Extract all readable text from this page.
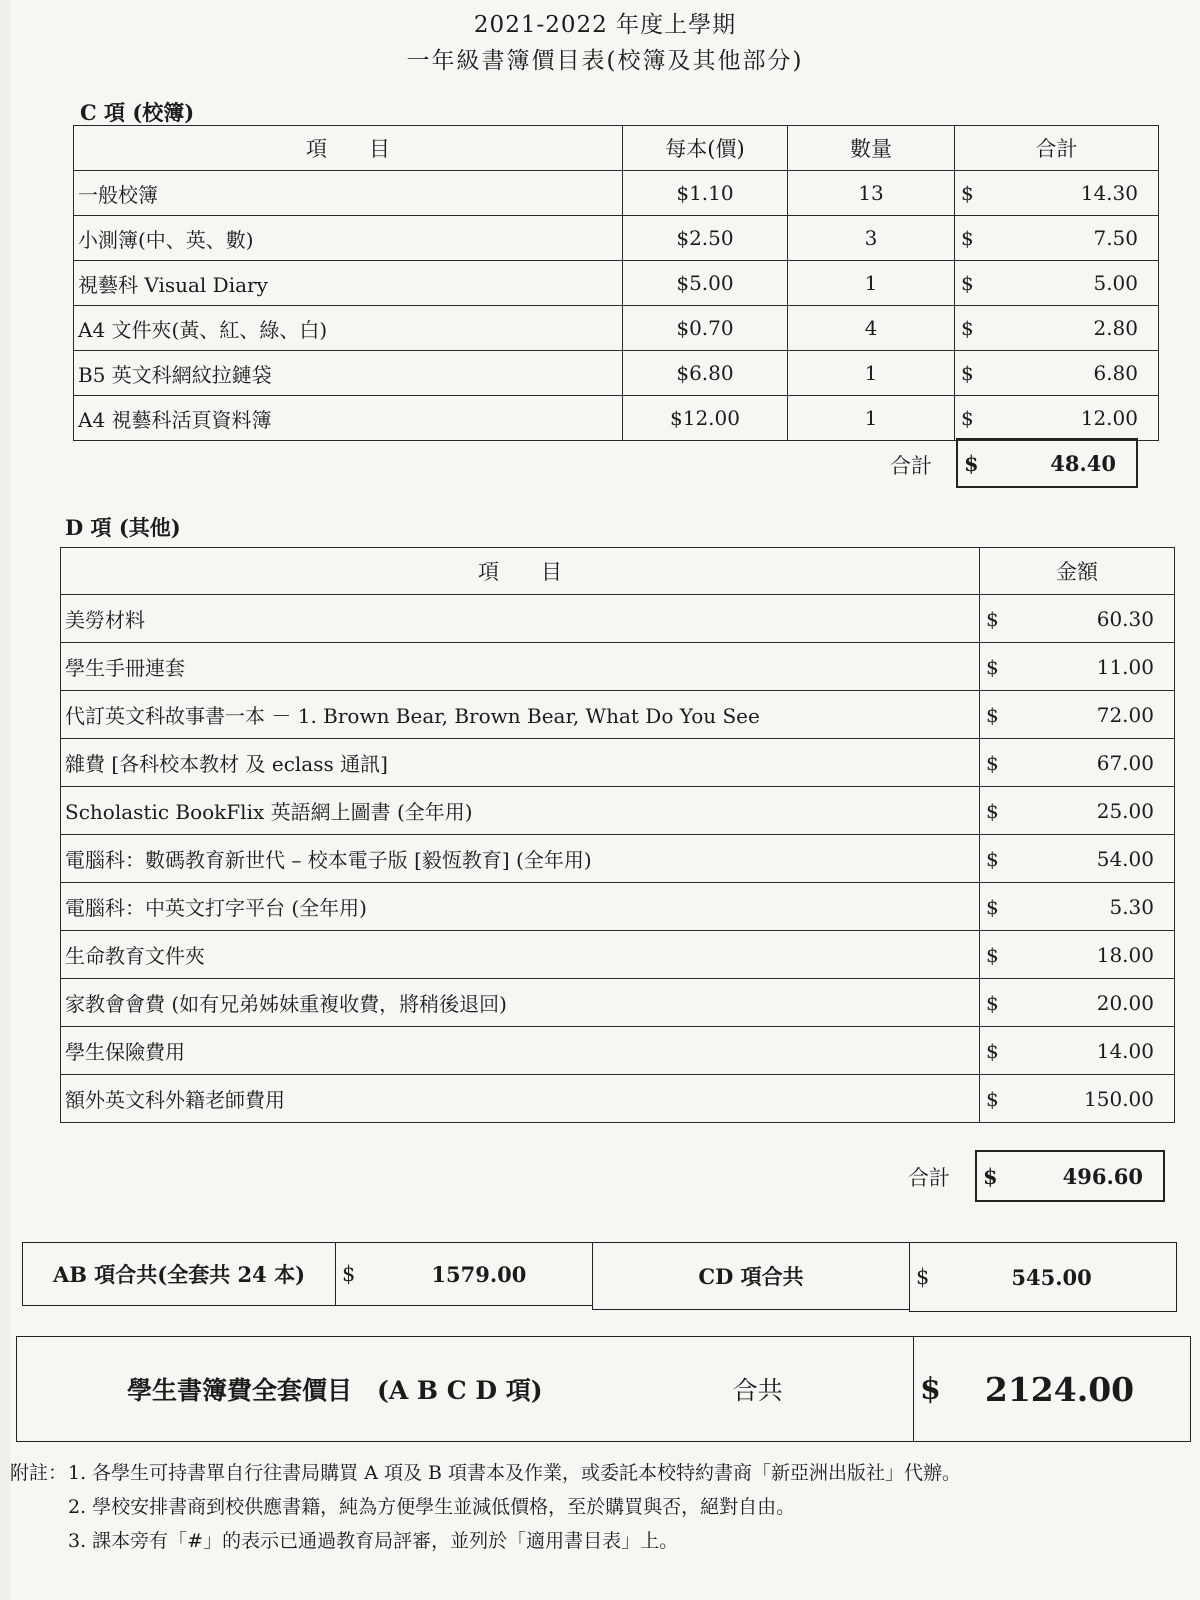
2021-2022 年度上學期
一年級書簿價目表(校簿及其他部分)
C 項 (校簿)
項　　目	每本(價)	數量	合計
一般校簿	$1.10	13	$ 14.30

小測簿(中、英、數)	$2.50	3	$ 7.50

視藝科 Visual Diary	$5.00	1	$ 5.00

A4 文件夾(黃、紅、綠、白)	$0.70	4	$ 2.80

B5 英文科網紋拉鏈袋	$6.80	1	$ 6.80

A4 視藝科活頁資料簿	$12.00	1	$ 12.00
合計 $	48.40
D 項 (其他)
項　　目	金額
美勞材料	$ 60.30

學生手冊連套	$ 11.00

代訂英文科故事書一本 － 1. Brown Bear, Brown Bear, What Do You See	$ 72.00

雜費 [各科校本教材 及 eclass 通訊]	$ 67.00

Scholastic BookFlix 英語網上圖書 (全年用)	$ 25.00

電腦科：數碼教育新世代 – 校本電子版 [毅恆教育] (全年用)	$ 54.00

電腦科：中英文打字平台 (全年用)	$ 5.30

生命教育文件夾	$ 18.00

家教會會費 (如有兄弟姊妹重複收費，將稍後退回)	$ 20.00

學生保險費用	$ 14.00

額外英文科外籍老師費用	$ 150.00
合計 $	496.60
AB 項合共(全套共 24 本) $	1579.00	CD 項合共	$	545.00
學生書簿費全套價目　(A B C D 項)	合共	$ 2124.00
附註： 1. 各學生可持書單自行往書局購買 A 項及 B 項書本及作業，或委託本校特約書商「新亞洲出版社」代辦。
2. 學校安排書商到校供應書籍，純為方便學生並減低價格，至於購買與否，絕對自由。
3. 課本旁有「#」的表示已通過教育局評審，並列於「適用書目表」上。
